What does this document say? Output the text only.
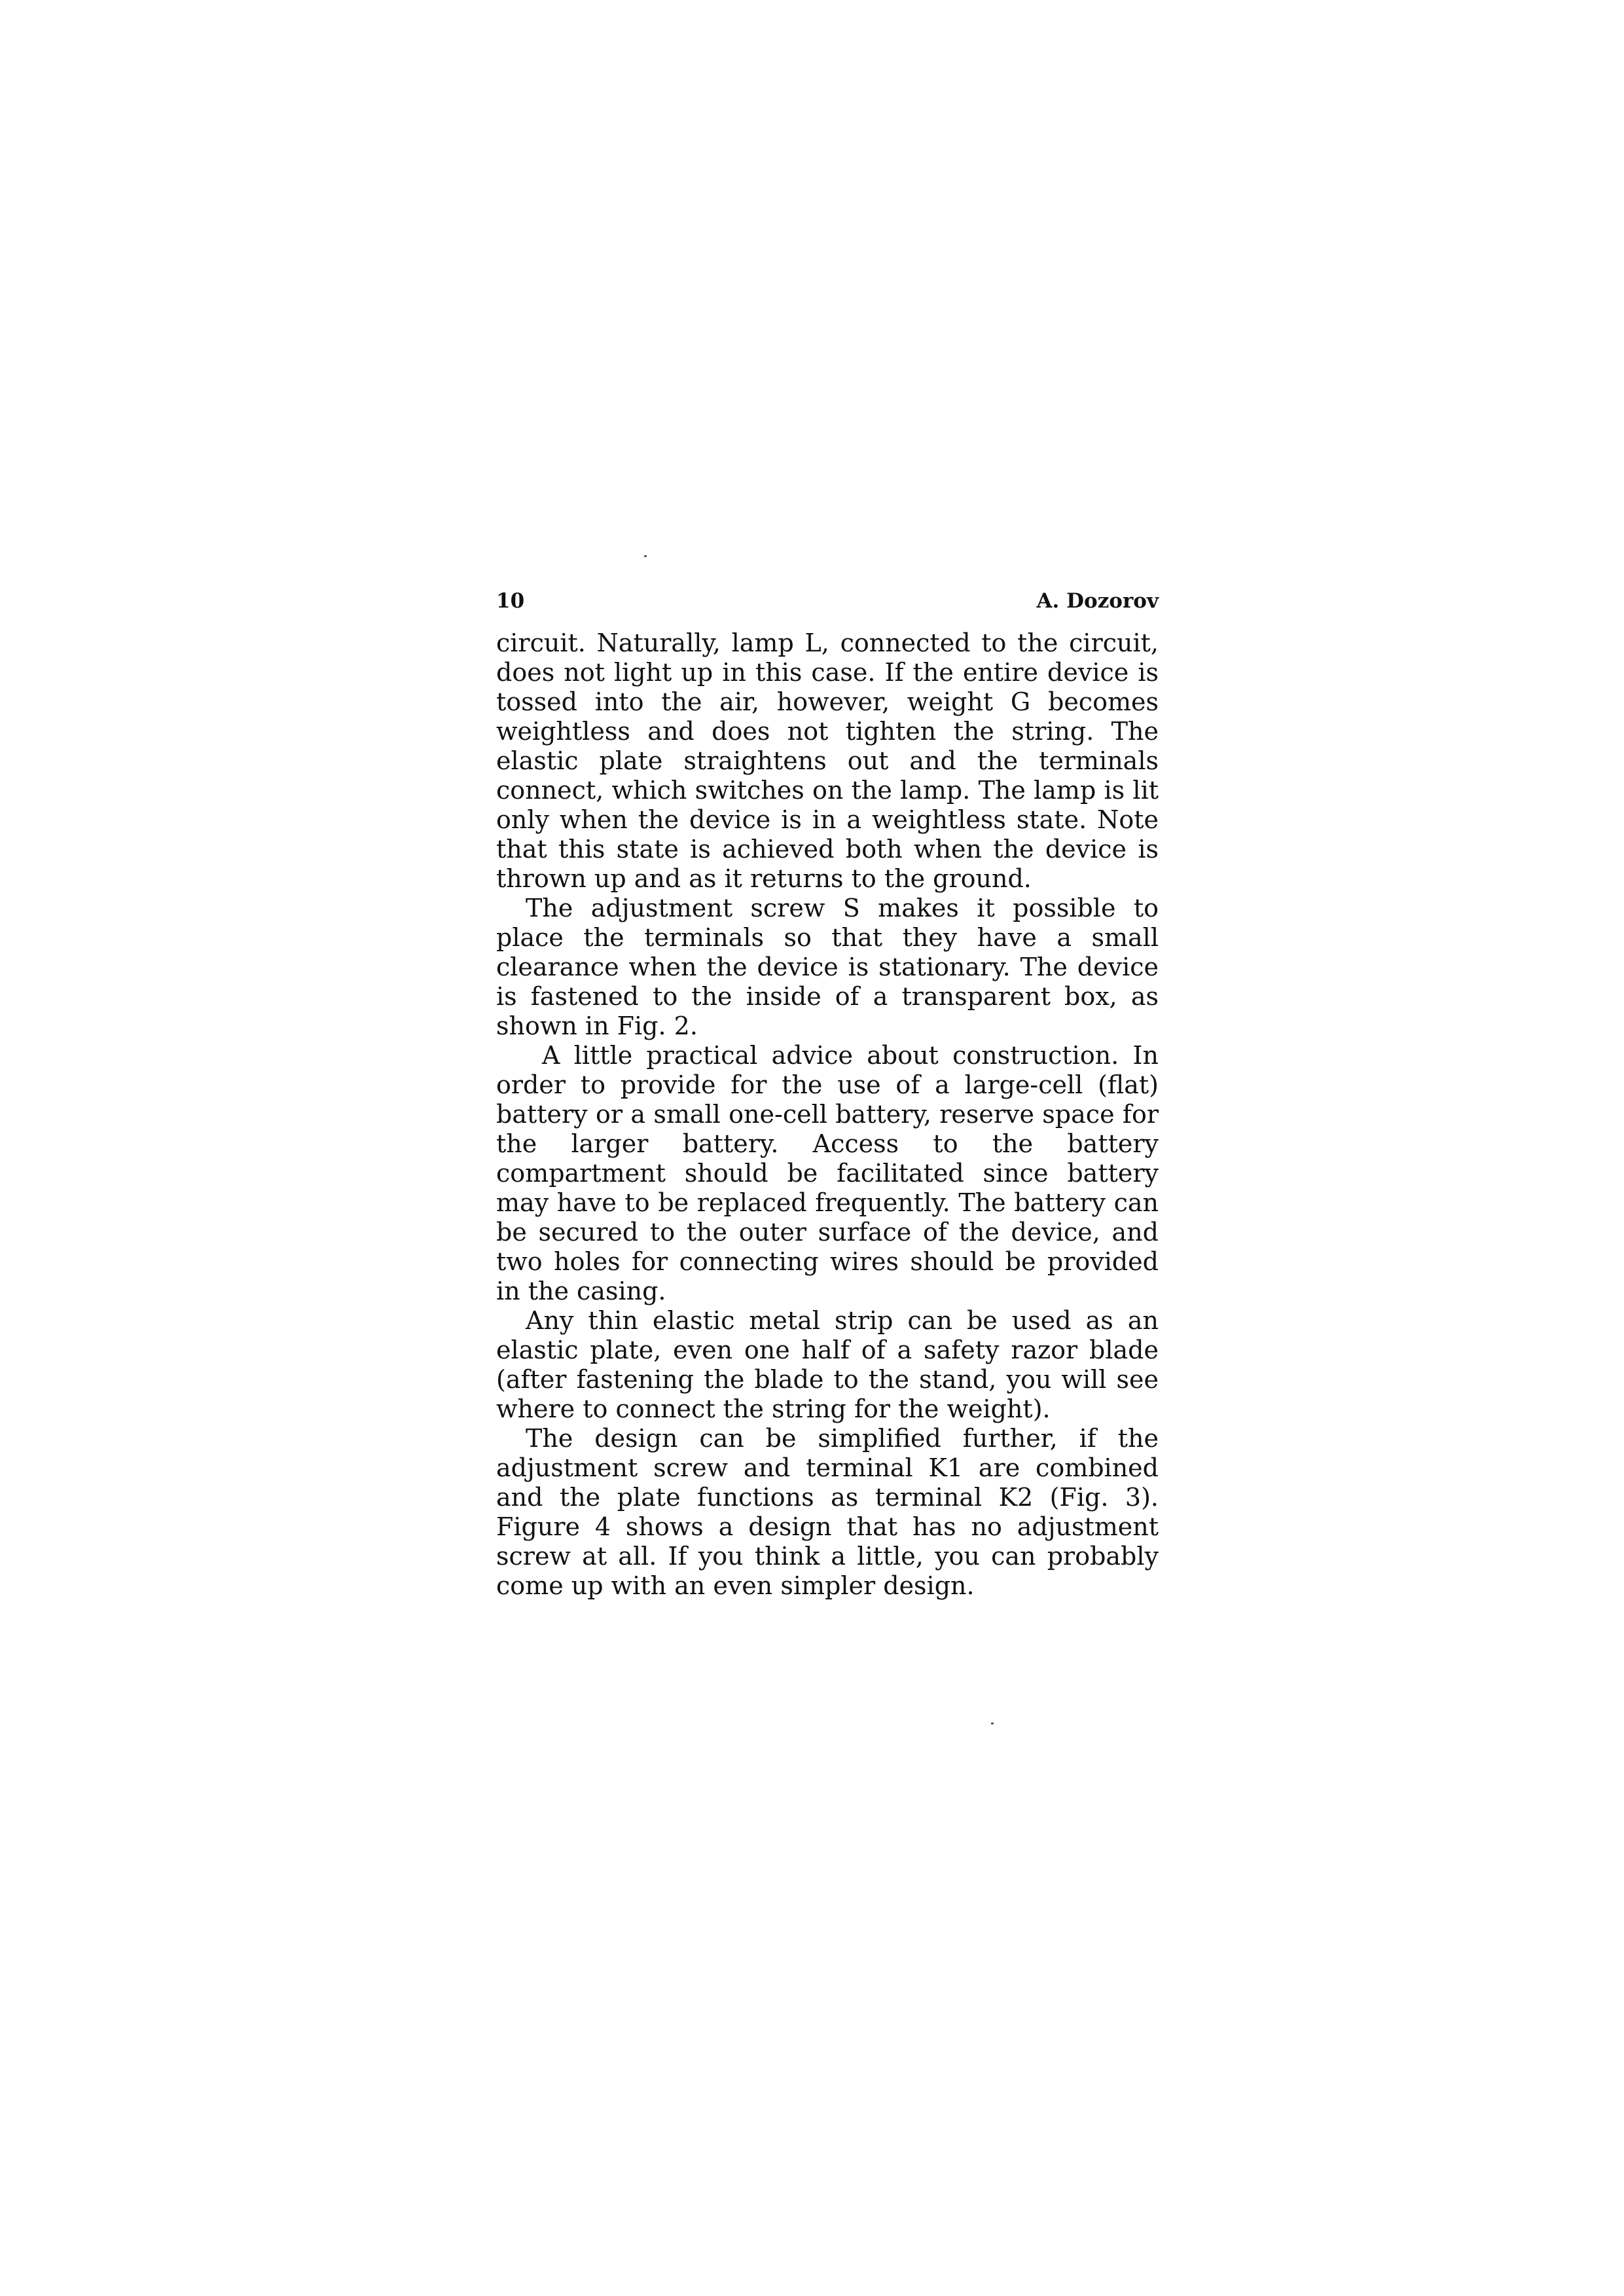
10	A. Dozorov

circuit. Naturally, lamp L, connected to the circuit, does not light up in this case. If the entire device is tossed into the air, however, weight G becomes weightless and does not tighten the string. The elastic plate straightens out and the terminals connect, which switches on the lamp. The lamp is lit only when the device is in a weightless state. Note that this state is achieved both when the device is thrown up and as it returns to the ground.

The adjustment screw S makes it possible to place the terminals so that they have a small clearance when the device is stationary. The device is fastened to the inside of a transparent box, as shown in Fig. 2.

A little practical advice about construction. In order to provide for the use of a large-cell (flat) battery or a small one-cell battery, reserve space for the larger battery. Access to the battery compartment should be facilitated since battery may have to be replaced frequently. The battery can be secured to the outer surface of the device, and two holes for connecting wires should be provided in the casing.

Any thin elastic metal strip can be used as an elastic plate, even one half of a safety razor blade (after fastening the blade to the stand, you will see where to connect the string for the weight).

The design can be simplified further, if the adjustment screw and terminal K1 are combined and the plate functions as terminal K2 (Fig. 3). Figure 4 shows a design that has no adjustment screw at all. If you think a little, you can probably come up with an even simpler design.
